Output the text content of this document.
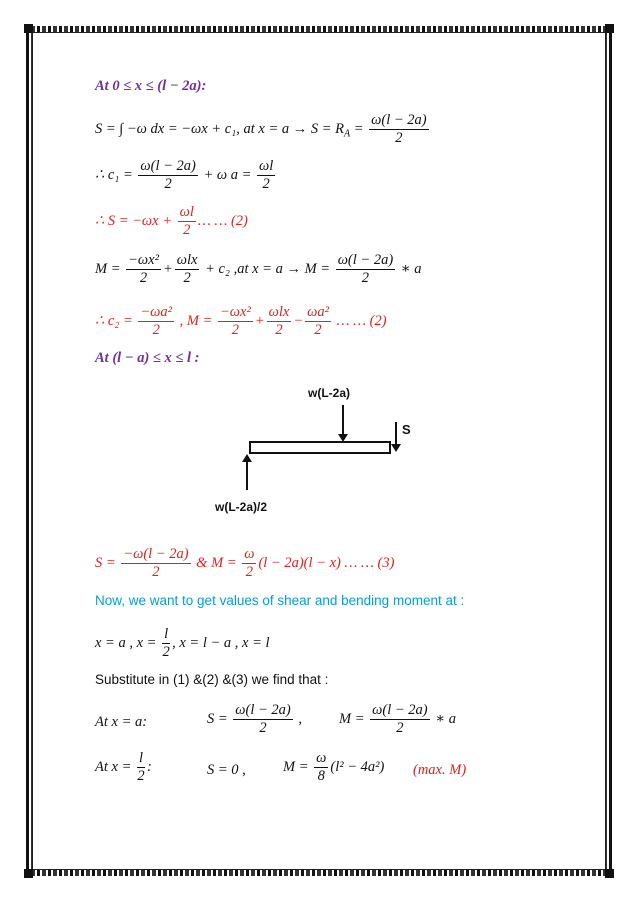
At 0 ≤ x ≤ (l − 2a):
S = ∫ −ω dx = −ωx + c₁, at $x = a \to S = R_A = \frac{\omega(l - 2a)}{2}$
∴ $c_1 = \frac{\omega(l - 2a)}{2} + \omega$ $a = \frac{\omega l}{2}$
∴ $S = -\omega x + \frac{\omega l}{2}$ … … (2)
$M = \frac{\text{−ωx²}}{2} + \frac{\text{ωlx}}{2} + c_2$ ,at $x = a \to M = \frac{\omega(l - 2a)}{2}$ ∗ a
∴ $c_2 = \frac{\text{−ωa²}}{2}$ , $M = \frac{\text{−ωx²}}{2} + \frac{\text{ωlx}}{2} - \frac{\text{ωa²}}{2}$ … … (2)
At (l − a) ≤ x ≤ l :
w(L-2a)
S
w(L-2a)/2
$S = \frac{-\omega(l - 2a)}{2}$ & $M = \frac{\omega}{2} (l - 2a)(l - x)$ … … (3)
Now, we want to get values of shear and bending moment at :
x = a , $x = \frac{l}{2}$ , x = l − a , x = l
Substitute in (1) &(2) &(3) we find that :
At x = a:	$S = \frac{\omega(l - 2a)}{2}$ ,	$M = \frac{\omega(l - 2a)}{2}$ ∗ a
At $x = \frac{l}{2}$ :	S = 0 ,	$M = \frac{\omega}{8} (l^2 - 4a^2)$ (max. M)
